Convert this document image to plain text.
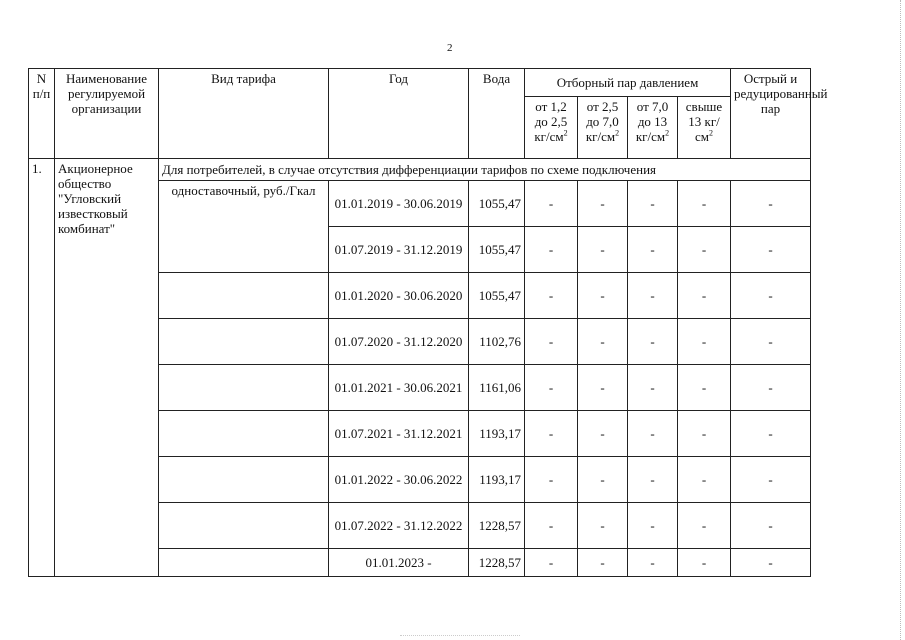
2
N п/п	Наименование регулируемой организации	Вид тарифа	Год	Вода	Отборный пар давлением				Острый и редуцированный пар
					от 1,2 до 2,5 $кг/см^2$	от 2,5 до 7,0 $кг/см^2$	от 7,0 до 13 $кг/см^2$	свыше 13 $кг/см^2$
1.	Акционерное общество "Угловский известковый комбинат"	Для потребителей, в случае отсутствия дифференциации тарифов по схеме подключения							
		одноставочный, руб./Гкал	01.01.2019 - 30.06.2019	1055,47	-	-	-	-	-
			01.07.2019 - 31.12.2019	1055,47	-	-	-	-	-
			01.01.2020 - 30.06.2020	1055,47	-	-	-	-	-
			01.07.2020 - 31.12.2020	1102,76	-	-	-	-	-
			01.01.2021 - 30.06.2021	1161,06	-	-	-	-	-
			01.07.2021 - 31.12.2021	1193,17	-	-	-	-	-
			01.01.2022 - 30.06.2022	1193,17	-	-	-	-	-
			01.07.2022 - 31.12.2022	1228,57	-	-	-	-	-
			01.01.2023 -	1228,57	-	-	-	-	-
